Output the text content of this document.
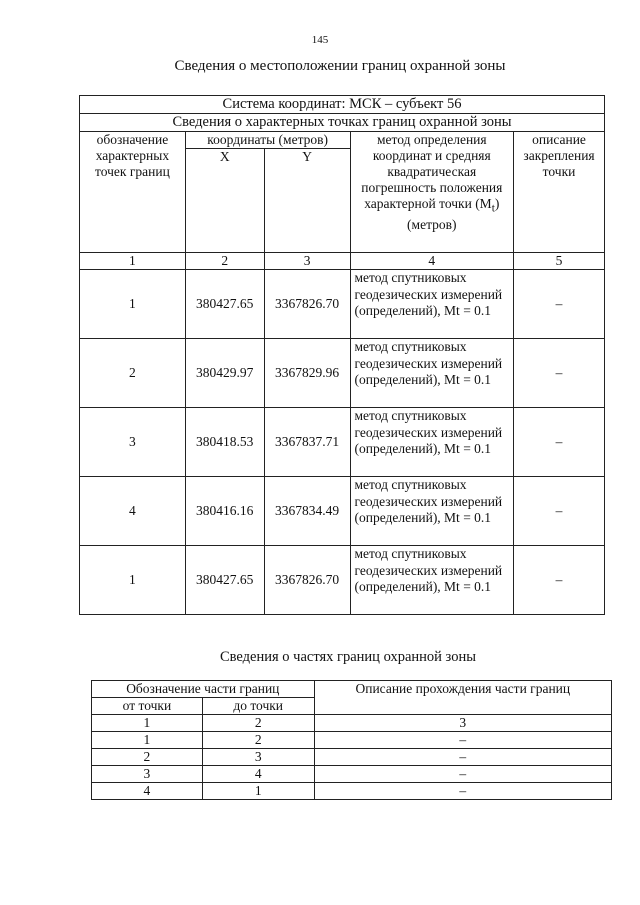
145
Сведения о местоположении границ охранной зоны
Система координат: МСК – субъект 56				
Сведения о характерных точках границ охранной зоны				
обозначение характерных точек границ	координаты (метров)		метод определения координат и средняя квадратическая погрешность положения характерной точки $(M_t)$ (метров)	описание закрепления точки
	X	Y		
1	2	3	4	5
1	380427.65	3367826.70	метод спутниковых геодезических измерений (определений), Mt = 0.1	–
2	380429.97	3367829.96	метод спутниковых геодезических измерений (определений), Mt = 0.1	–
3	380418.53	3367837.71	метод спутниковых геодезических измерений (определений), Mt = 0.1	–
4	380416.16	3367834.49	метод спутниковых геодезических измерений (определений), Mt = 0.1	–
1	380427.65	3367826.70	метод спутниковых геодезических измерений (определений), Mt = 0.1	–
Сведения о частях границ охранной зоны
Обозначение части границ		Описание прохождения части границ
от точки	до точки	
1	2	3
1	2	–
2	3	–
3	4	–
4	1	–
